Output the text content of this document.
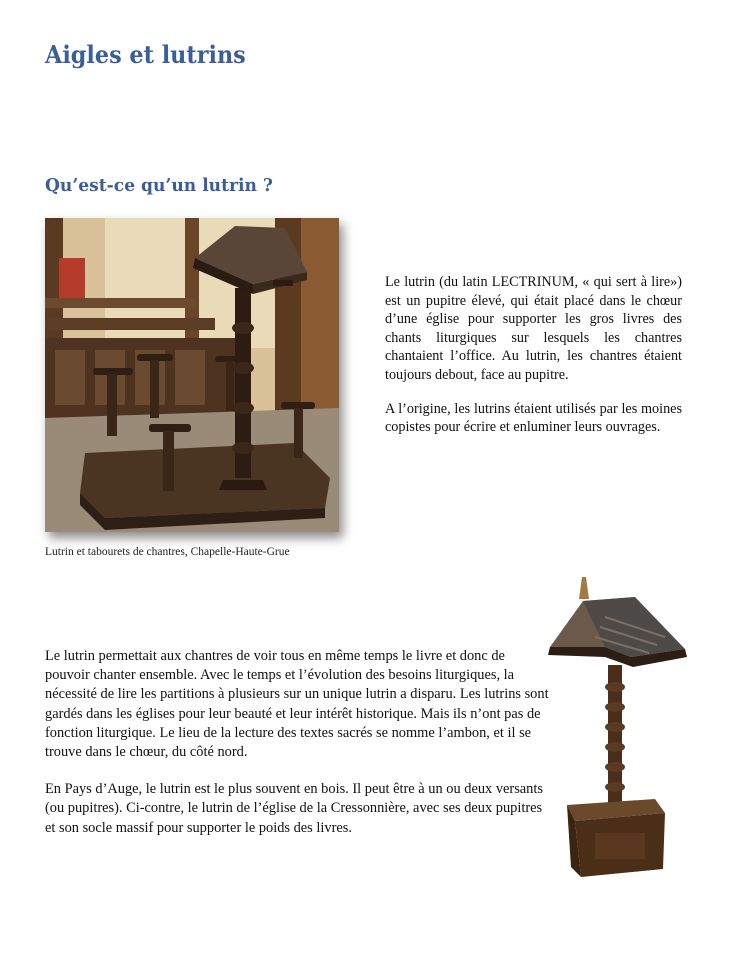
Aigles et lutrins
Qu’est-ce qu’un lutrin ?
Lutrin et tabourets de chantres, Chapelle-Haute-Grue

Le lutrin (du latin LECTRINUM, « qui sert à lire») est un pupitre élevé, qui était placé dans le chœur d’une église pour supporter les gros livres des chants liturgiques sur lesquels les chantres chantaient l’office. Au lutrin, les chantres étaient toujours debout, face au pupitre.

A l’origine, les lutrins étaient utilisés par les moines copistes pour écrire et enluminer leurs ouvrages.

Le lutrin permettait aux chantres de voir tous en même temps le livre et donc de pouvoir chanter ensemble. Avec le temps et l’évolution des besoins liturgiques, la nécessité de lire les partitions à plusieurs sur un unique lutrin a disparu. Les lutrins sont gardés dans les églises pour leur beauté et leur intérêt historique. Mais ils n’ont pas de fonction liturgique. Le lieu de la lecture des textes sacrés se nomme l’ambon, et il se trouve dans le chœur, du côté nord.

En Pays d’Auge, le lutrin est le plus souvent en bois. Il peut être à un ou deux versants (ou pupitres). Ci-contre, le lutrin de l’église de la Cressonnière, avec ses deux pupitres et son socle massif pour supporter le poids des livres.
